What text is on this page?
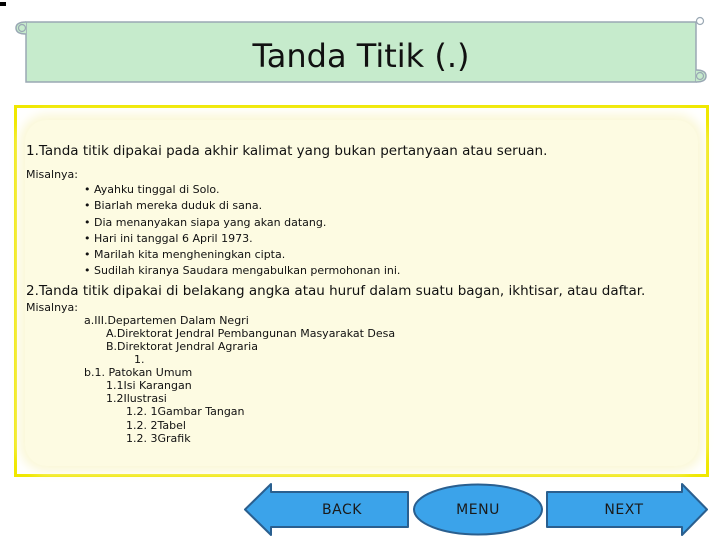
Tanda Titik (.)

1.Tanda titik dipakai pada akhir kalimat yang bukan pertanyaan atau seruan.

Misalnya:
• Ayahku tinggal di Solo.
• Biarlah mereka duduk di sana.
• Dia menanyakan siapa yang akan datang.
• Hari ini tanggal 6 April 1973.
• Marilah kita mengheningkan cipta.
• Sudilah kiranya Saudara mengabulkan permohonan ini.

2.Tanda titik dipakai di belakang angka atau huruf dalam suatu bagan, ikhtisar, atau daftar.

Misalnya:
a.III.Departemen Dalam Negri
A.Direktorat Jendral Pembangunan Masyarakat Desa
B.Direktorat Jendral Agraria
1.
b.1. Patokan Umum
1.1Isi Karangan
1.2Ilustrasi
1.2. 1Gambar Tangan
1.2. 2Tabel
1.2. 3Grafik
BACK	MENU	NEXT
